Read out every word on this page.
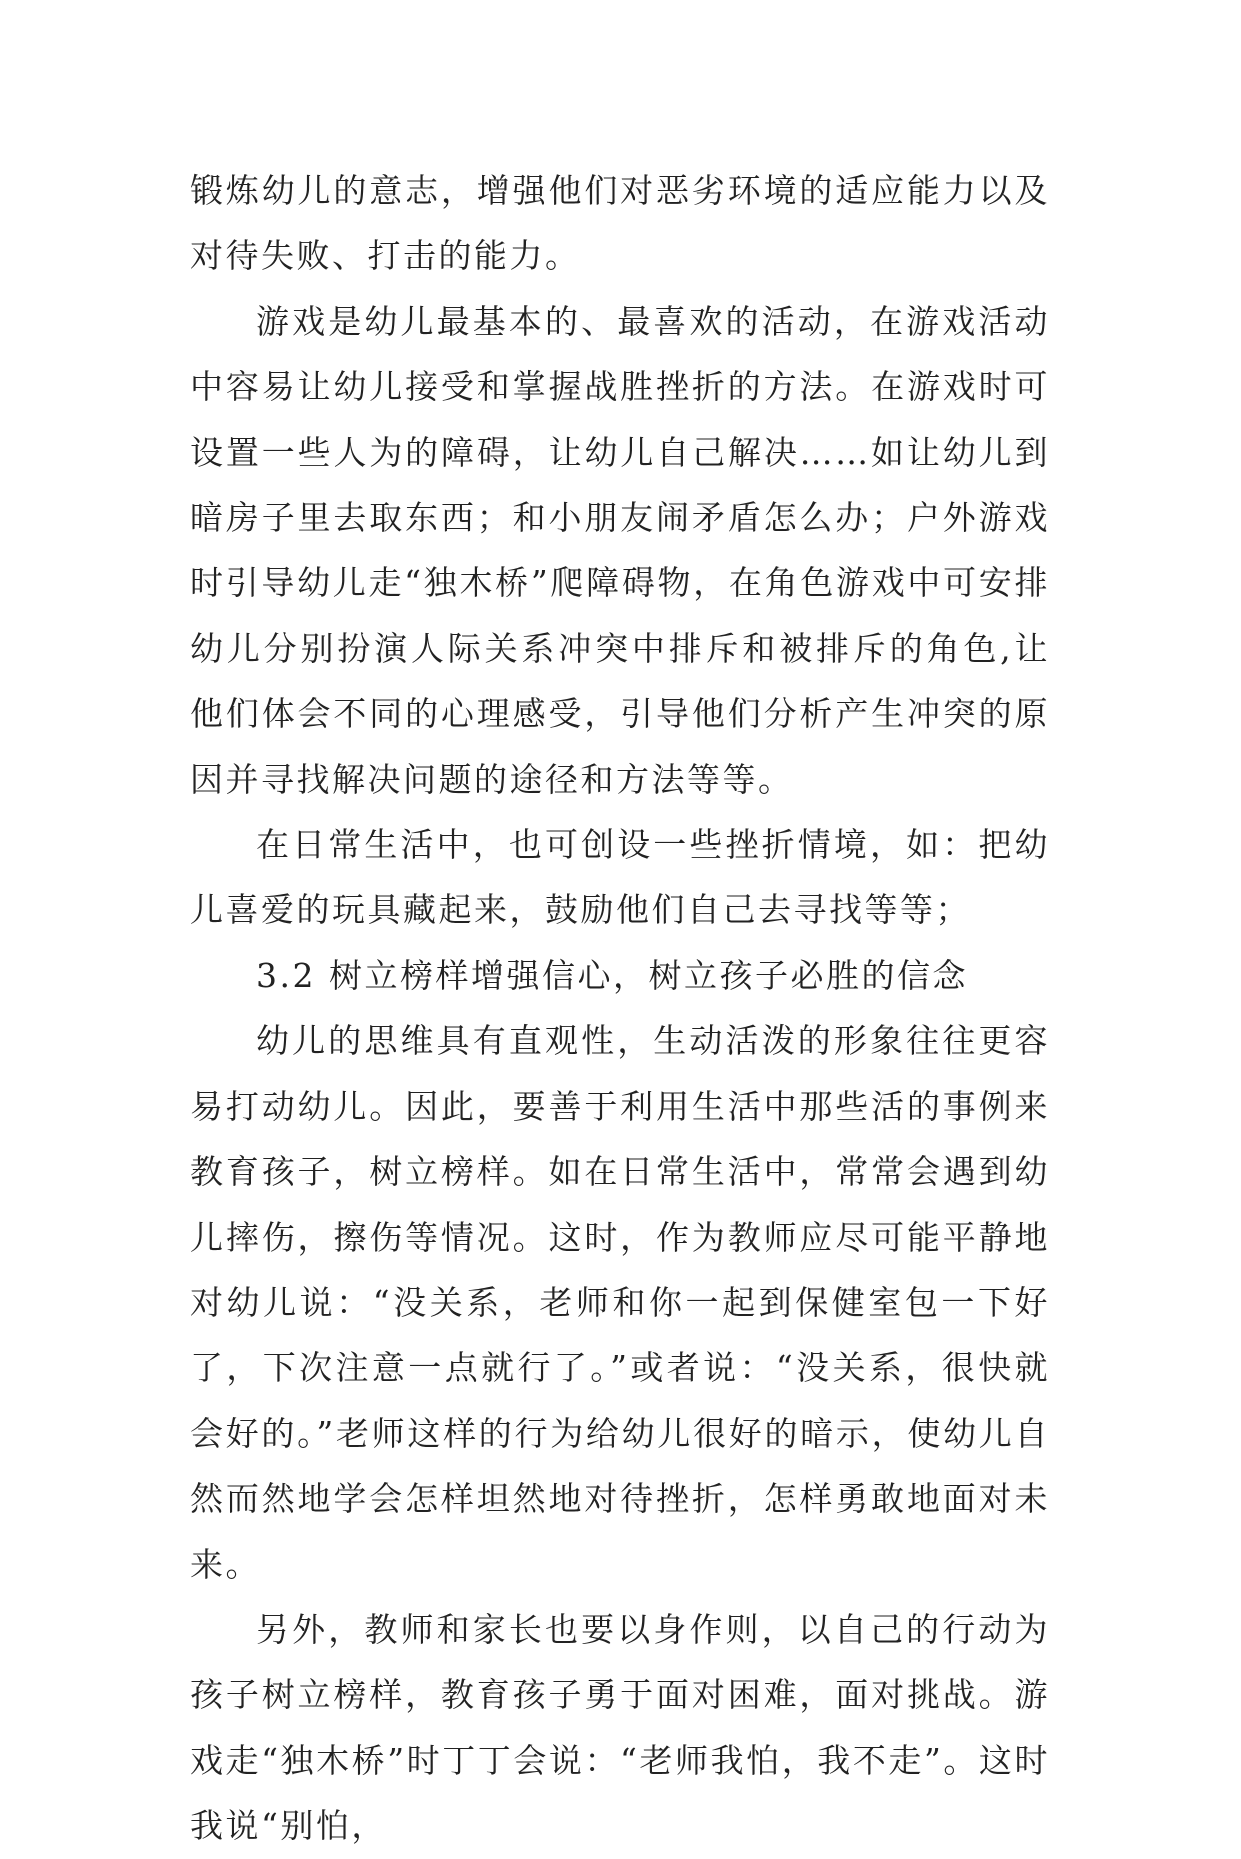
锻炼幼儿的意志，增强他们对恶劣环境的适应能力以及对待失败、打击的能力。

游戏是幼儿最基本的、最喜欢的活动，在游戏活动中容易让幼儿接受和掌握战胜挫折的方法。在游戏时可设置一些人为的障碍，让幼儿自己解决……如让幼儿到暗房子里去取东西；和小朋友闹矛盾怎么办；户外游戏时引导幼儿走“独木桥”爬障碍物，在角色游戏中可安排幼儿分别扮演人际关系冲突中排斥和被排斥的角色,让他们体会不同的心理感受，引导他们分析产生冲突的原因并寻找解决问题的途径和方法等等。

在日常生活中，也可创设一些挫折情境，如：把幼儿喜爱的玩具藏起来，鼓励他们自己去寻找等等；

3.2 树立榜样增强信心，树立孩子必胜的信念

幼儿的思维具有直观性，生动活泼的形象往往更容易打动幼儿。因此，要善于利用生活中那些活的事例来教育孩子，树立榜样。如在日常生活中，常常会遇到幼儿摔伤，擦伤等情况。这时，作为教师应尽可能平静地对幼儿说：“没关系，老师和你一起到保健室包一下好了，下次注意一点就行了。”或者说：“没关系，很快就会好的。”老师这样的行为给幼儿很好的暗示，使幼儿自然而然地学会怎样坦然地对待挫折，怎样勇敢地面对未来。

另外，教师和家长也要以身作则，以自己的行动为孩子树立榜样，教育孩子勇于面对困难，面对挑战。游戏走“独木桥”时丁丁会说：“老师我怕，我不走”。这时我说“别怕，
